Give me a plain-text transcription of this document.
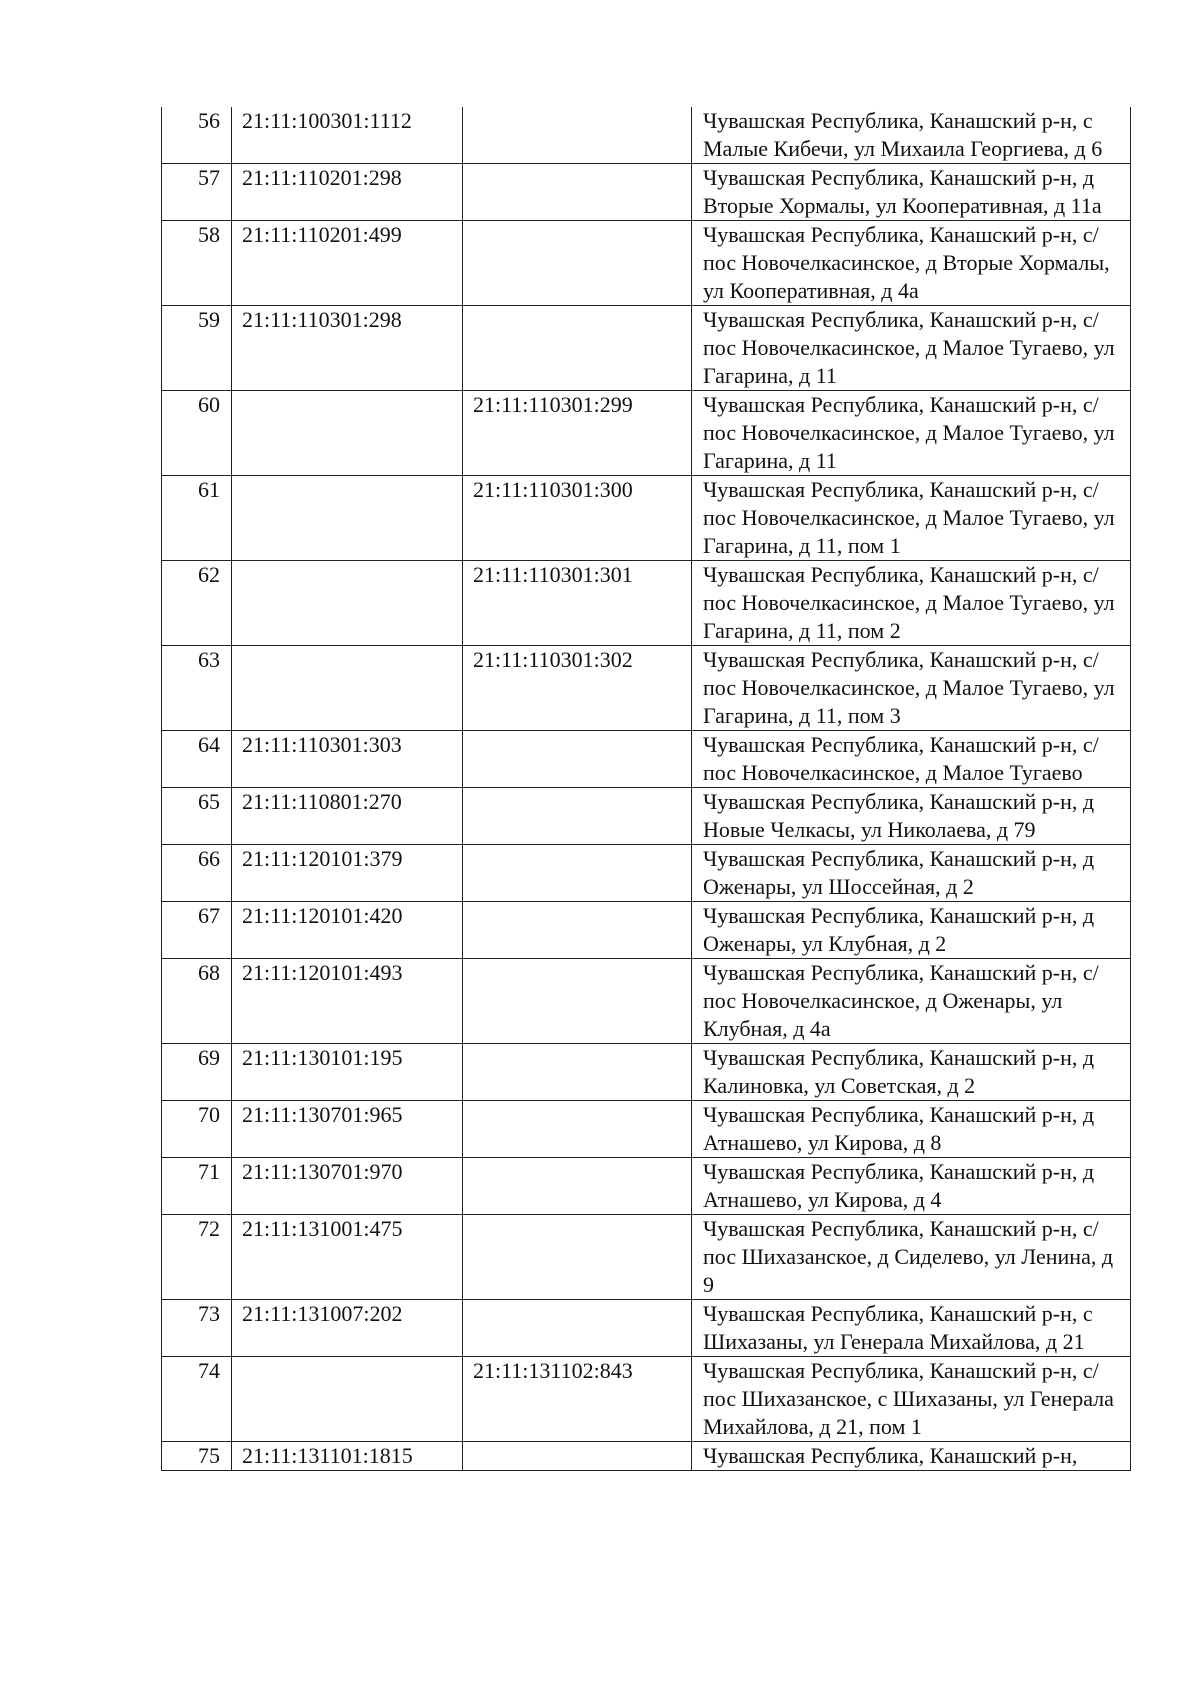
56	21:11:100301:1112		Чувашская Республика, Канашский р-н, с Малые Кибечи, ул Михаила Георгиева, д 6
57	21:11:110201:298		Чувашская Республика, Канашский р-н, д Вторые Хормалы, ул Кооперативная, д 11а
58	21:11:110201:499		Чувашская Республика, Канашский р-н, с/пос Новочелкасинское, д Вторые Хормалы, ул Кооперативная, д 4а
59	21:11:110301:298		Чувашская Республика, Канашский р-н, с/пос Новочелкасинское, д Малое Тугаево, ул Гагарина, д 11
60		21:11:110301:299	Чувашская Республика, Канашский р-н, с/пос Новочелкасинское, д Малое Тугаево, ул Гагарина, д 11
61		21:11:110301:300	Чувашская Республика, Канашский р-н, с/пос Новочелкасинское, д Малое Тугаево, ул Гагарина, д 11, пом 1
62		21:11:110301:301	Чувашская Республика, Канашский р-н, с/пос Новочелкасинское, д Малое Тугаево, ул Гагарина, д 11, пом 2
63		21:11:110301:302	Чувашская Республика, Канашский р-н, с/пос Новочелкасинское, д Малое Тугаево, ул Гагарина, д 11, пом 3
64	21:11:110301:303		Чувашская Республика, Канашский р-н, с/пос Новочелкасинское, д Малое Тугаево
65	21:11:110801:270		Чувашская Республика, Канашский р-н, д Новые Челкасы, ул Николаева, д 79
66	21:11:120101:379		Чувашская Республика, Канашский р-н, д Оженары, ул Шоссейная, д 2
67	21:11:120101:420		Чувашская Республика, Канашский р-н, д Оженары, ул Клубная, д 2
68	21:11:120101:493		Чувашская Республика, Канашский р-н, с/пос Новочелкасинское, д Оженары, ул Клубная, д 4а
69	21:11:130101:195		Чувашская Республика, Канашский р-н, д Калиновка, ул Советская, д 2
70	21:11:130701:965		Чувашская Республика, Канашский р-н, д Атнашево, ул Кирова, д 8
71	21:11:130701:970		Чувашская Республика, Канашский р-н, д Атнашево, ул Кирова, д 4
72	21:11:131001:475		Чувашская Республика, Канашский р-н, с/пос Шихазанское, д Сиделево, ул Ленина, д 9
73	21:11:131007:202		Чувашская Республика, Канашский р-н, с Шихазаны, ул Генерала Михайлова, д 21
74		21:11:131102:843	Чувашская Республика, Канашский р-н, с/пос Шихазанское, с Шихазаны, ул Генерала Михайлова, д 21, пом 1
75	21:11:131101:1815		Чувашская Республика, Канашский р-н,
